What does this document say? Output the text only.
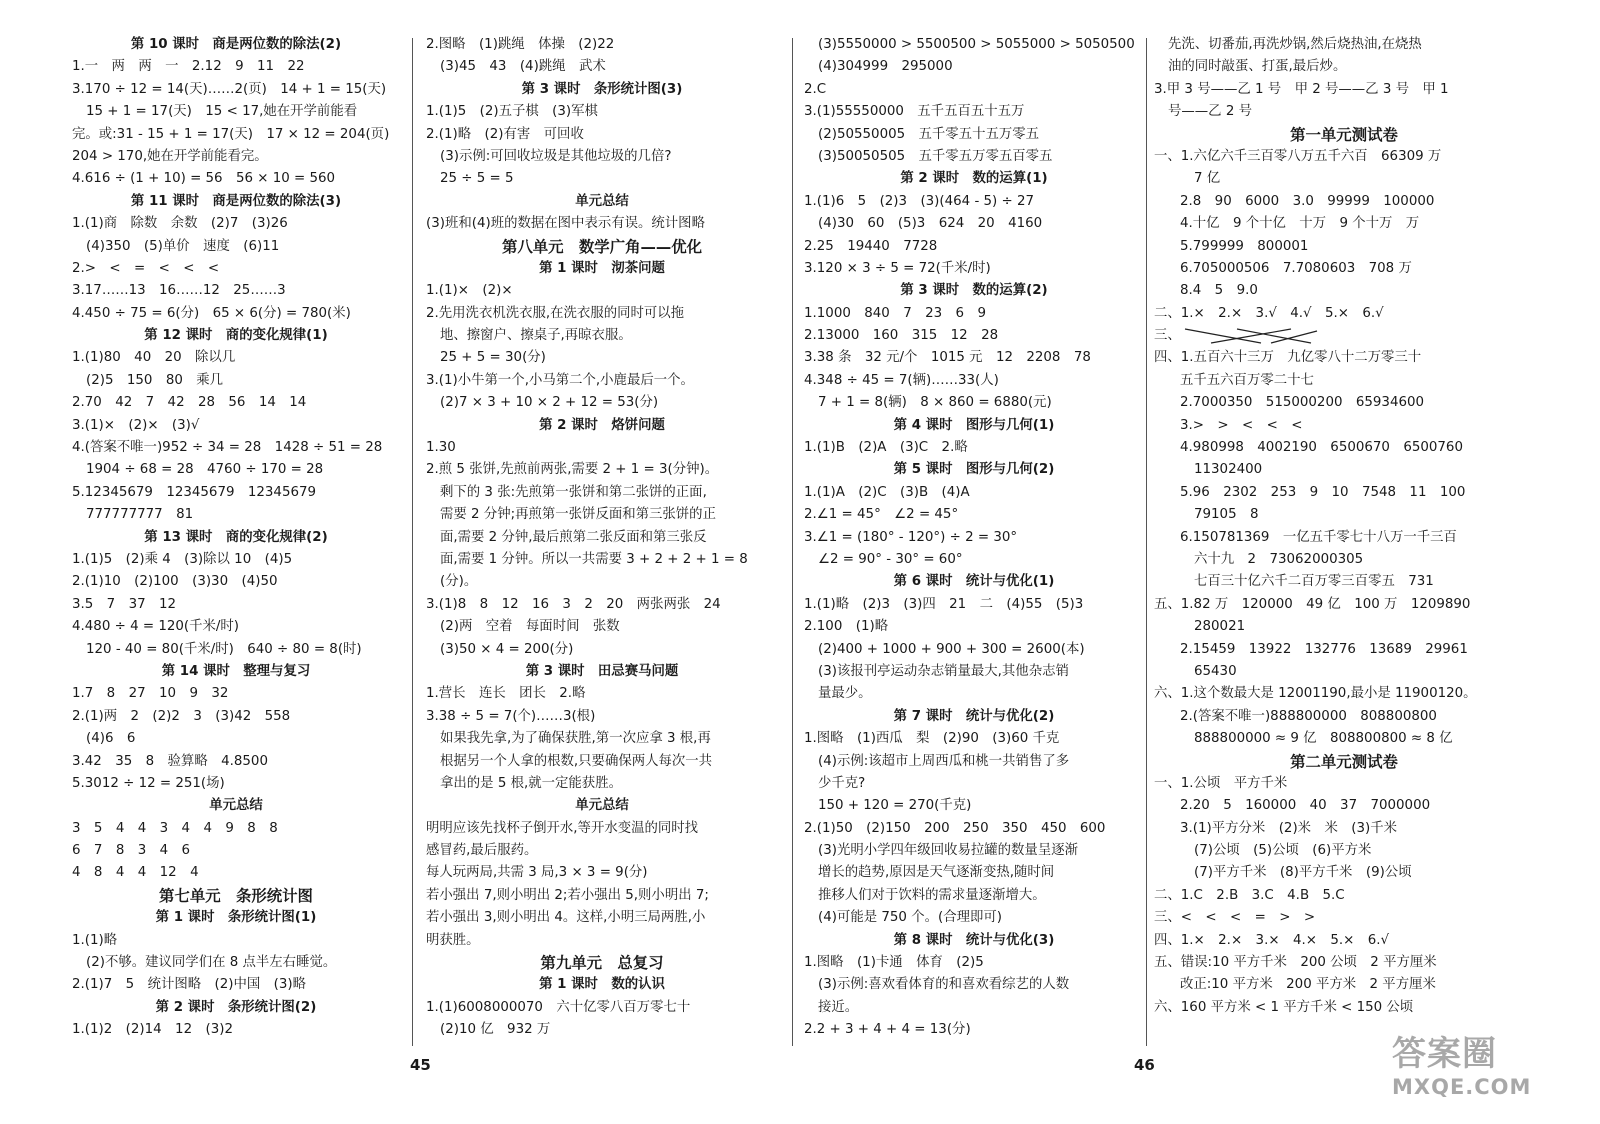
第 10 课时　商是两位数的除法(2)
1.一　两　两　一　2.12　9　11　22
3.170 ÷ 12 = 14(天)……2(页)　14 + 1 = 15(天)
15 + 1 = 17(天)　15 < 17,她在开学前能看
完。或:31 - 15 + 1 = 17(天)　17 × 12 = 204(页)
204 > 170,她在开学前能看完。
4.616 ÷ (1 + 10) = 56　56 × 10 = 560
第 11 课时　商是两位数的除法(3)
1.(1)商　除数　余数　(2)7　(3)26
(4)350　(5)单价　速度　(6)11
2.>　<　=　<　<　<
3.17……13　16……12　25……3
4.450 ÷ 75 = 6(分)　65 × 6(分) = 780(米)
第 12 课时　商的变化规律(1)
1.(1)80　40　20　除以几
(2)5　150　80　乘几
2.70　42　7　42　28　56　14　14
3.(1)×　(2)×　(3)√
4.(答案不唯一)952 ÷ 34 = 28　1428 ÷ 51 = 28
1904 ÷ 68 = 28　4760 ÷ 170 = 28
5.12345679　12345679　12345679
777777777　81
第 13 课时　商的变化规律(2)
1.(1)5　(2)乘 4　(3)除以 10　(4)5
2.(1)10　(2)100　(3)30　(4)50
3.5　7　37　12
4.480 ÷ 4 = 120(千米/时)
120 - 40 = 80(千米/时)　640 ÷ 80 = 8(时)
第 14 课时　整理与复习
1.7　8　27　10　9　32
2.(1)两　2　(2)2　3　(3)42　558
(4)6　6
3.42　35　8　验算略　4.8500
5.3012 ÷ 12 = 251(场)
单元总结
3　5　4　4　3　4　4　9　8　8
6　7　8　3　4　6
4　8　4　4　12　4
第七单元　条形统计图
第 1 课时　条形统计图(1)
1.(1)略
(2)不够。建议同学们在 8 点半左右睡觉。
2.(1)7　5　统计图略　(2)中国　(3)略
第 2 课时　条形统计图(2)
1.(1)2　(2)14　12　(3)2
2.图略　(1)跳绳　体操　(2)22
(3)45　43　(4)跳绳　武术
第 3 课时　条形统计图(3)
1.(1)5　(2)五子棋　(3)军棋
2.(1)略　(2)有害　可回收
(3)示例:可回收垃圾是其他垃圾的几倍?
25 ÷ 5 = 5
单元总结
(3)班和(4)班的数据在图中表示有误。统计图略
第八单元　数学广角——优化
第 1 课时　沏茶问题
1.(1)×　(2)×
2.先用洗衣机洗衣服,在洗衣服的同时可以拖
地、擦窗户、擦桌子,再晾衣服。
25 + 5 = 30(分)
3.(1)小牛第一个,小马第二个,小鹿最后一个。
(2)7 × 3 + 10 × 2 + 12 = 53(分)
第 2 课时　烙饼问题
1.30
2.煎 5 张饼,先煎前两张,需要 2 + 1 = 3(分钟)。
剩下的 3 张:先煎第一张饼和第二张饼的正面,
需要 2 分钟;再煎第一张饼反面和第三张饼的正
面,需要 2 分钟,最后煎第二张反面和第三张反
面,需要 1 分钟。所以一共需要 3 + 2 + 2 + 1 = 8
(分)。
3.(1)8　8　12　16　3　2　20　两张两张　24
(2)两　空着　每面时间　张数
(3)50 × 4 = 200(分)
第 3 课时　田忌赛马问题
1.营长　连长　团长　2.略
3.38 ÷ 5 = 7(个)……3(根)
如果我先拿,为了确保获胜,第一次应拿 3 根,再
根据另一个人拿的根数,只要确保两人每次一共
拿出的是 5 根,就一定能获胜。
单元总结
明明应该先找杯子倒开水,等开水变温的同时找
感冒药,最后服药。
每人玩两局,共需 3 局,3 × 3 = 9(分)
若小强出 7,则小明出 2;若小强出 5,则小明出 7;
若小强出 3,则小明出 4。这样,小明三局两胜,小
明获胜。
第九单元　总复习
第 1 课时　数的认识
1.(1)6008000070　六十亿零八百万零七十
(2)10 亿　932 万
(3)5550000 > 5500500 > 5055000 > 5050500
(4)304999　295000
2.C
3.(1)55550000　五千五百五十五万
(2)50550005　五千零五十五万零五
(3)50050505　五千零五万零五百零五
第 2 课时　数的运算(1)
1.(1)6　5　(2)3　(3)(464 - 5) ÷ 27
(4)30　60　(5)3　624　20　4160
2.25　19440　7728
3.120 × 3 ÷ 5 = 72(千米/时)
第 3 课时　数的运算(2)
1.1000　840　7　23　6　9
2.13000　160　315　12　28
3.38 条　32 元/个　1015 元　12　2208　78
4.348 ÷ 45 = 7(辆)……33(人)
7 + 1 = 8(辆)　8 × 860 = 6880(元)
第 4 课时　图形与几何(1)
1.(1)B　(2)A　(3)C　2.略
第 5 课时　图形与几何(2)
1.(1)A　(2)C　(3)B　(4)A
2.∠1 = 45°　∠2 = 45°
3.∠1 = (180° - 120°) ÷ 2 = 30°
∠2 = 90° - 30° = 60°
第 6 课时　统计与优化(1)
1.(1)略　(2)3　(3)四　21　二　(4)55　(5)3
2.100　(1)略
(2)400 + 1000 + 900 + 300 = 2600(本)
(3)该报刊亭运动杂志销量最大,其他杂志销
量最少。
第 7 课时　统计与优化(2)
1.图略　(1)西瓜　梨　(2)90　(3)60 千克
(4)示例:该超市上周西瓜和桃一共销售了多
少千克?
150 + 120 = 270(千克)
2.(1)50　(2)150　200　250　350　450　600
(3)光明小学四年级回收易拉罐的数量呈逐渐
增长的趋势,原因是天气逐渐变热,随时间
推移人们对于饮料的需求量逐渐增大。
(4)可能是 750 个。(合理即可)
第 8 课时　统计与优化(3)
1.图略　(1)卡通　体育　(2)5
(3)示例:喜欢看体育的和喜欢看综艺的人数
接近。
2.2 + 3 + 4 + 4 = 13(分)
先洗、切番茄,再洗炒锅,然后烧热油,在烧热
油的同时敲蛋、打蛋,最后炒。
3.甲 3 号——乙 1 号　甲 2 号——乙 3 号　甲 1
号——乙 2 号
第一单元测试卷
一、1.六亿六千三百零八万五千六百　66309 万
7 亿
2.8　90　6000　3.0　99999　100000
4.十亿　9 个十亿　十万　9 个十万　万
5.799999　800001
6.705000506　7.7080603　708 万
8.4　5　9.0
二、1.×　2.×　3.√　4.√　5.×　6.√
三、
四、1.五百六十三万　九亿零八十二万零三十
五千五六百万零二十七
2.7000350　515000200　65934600
3.>　>　<　<　<
4.980998　4002190　6500670　6500760
11302400
5.96　2302　253　9　10　7548　11　100
79105　8
6.150781369　一亿五千零七十八万一千三百
六十九　2　73062000305
七百三十亿六千二百万零三百零五　731
五、1.82 万　120000　49 亿　100 万　1209890
280021
2.15459　13922　132776　13689　29961
65430
六、1.这个数最大是 12001190,最小是 11900120。
2.(答案不唯一)888800000　808800800
888800000 ≈ 9 亿　808800800 ≈ 8 亿
第二单元测试卷
一、1.公顷　平方千米
2.20　5　160000　40　37　7000000
3.(1)平方分米　(2)米　米　(3)千米
(7)公顷　(5)公顷　(6)平方米
(7)平方千米　(8)平方千米　(9)公顷
二、1.C　2.B　3.C　4.B　5.C
三、<　<　<　=　>　>
四、1.×　2.×　3.×　4.×　5.×　6.√
五、错误:10 平方千米　200 公顷　2 平方厘米
改正:10 平方米　200 平方米　2 平方厘米
六、160 平方米 < 1 平方千米 < 150 公顷
45	46	答案圈
MXQE.COM
